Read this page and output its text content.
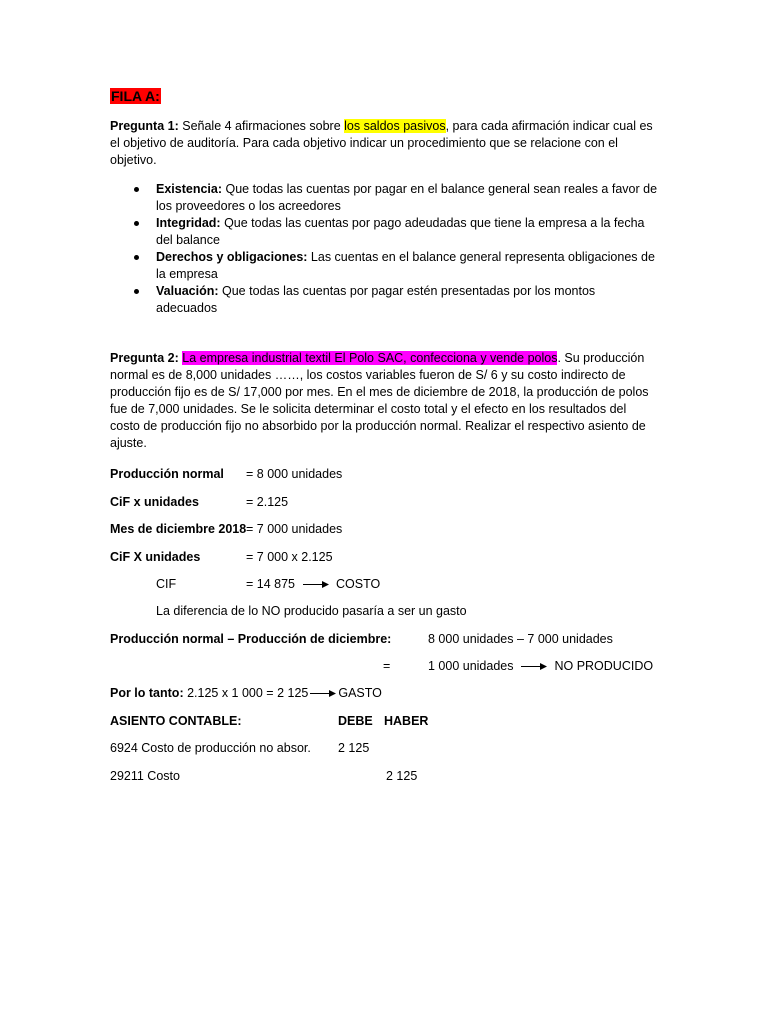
FILA A:
Pregunta 1: Señale 4 afirmaciones sobre los saldos pasivos, para cada afirmación indicar cual es el objetivo de auditoría. Para cada objetivo indicar un procedimiento que se relacione con el objetivo.
Existencia: Que todas las cuentas por pagar en el balance general sean reales a favor de los proveedores o los acreedores
Integridad: Que todas las cuentas por pago adeudadas que tiene la empresa a la fecha del balance
Derechos y obligaciones: Las cuentas en el balance general representa obligaciones de la empresa
Valuación: Que todas las cuentas por pagar estén presentadas por los montos adecuados
Pregunta 2: La empresa industrial textil El Polo SAC, confecciona y vende polos. Su producción normal es de 8,000 unidades ……, los costos variables fueron de S/ 6 y su costo indirecto de producción fijo es de S/ 17,000 por mes. En el mes de diciembre de 2018, la producción de polos fue de 7,000 unidades. Se le solicita determinar el costo total y el efecto en los resultados del costo de producción fijo no absorbido por la producción normal. Realizar el respectivo asiento de ajuste.
Producción normal = 8 000 unidades
CiF x unidades	= 2.125
Mes de diciembre 2018 = 7 000 unidades
CiF X unidades	= 7 000 x 2.125
CIF	= 14 875	COSTO
La diferencia de lo NO producido pasaría a ser un gasto
Producción normal – Producción de diciembre:	8 000 unidades – 7 000 unidades
=	1 000 unidades	NO PRODUCIDO
Por lo tanto: 2.125 x 1 000 = 2 125 GASTO
ASIENTO CONTABLE:	DEBE HABER
6924 Costo de producción no absor. 2 125
29211 Costo	2 125
